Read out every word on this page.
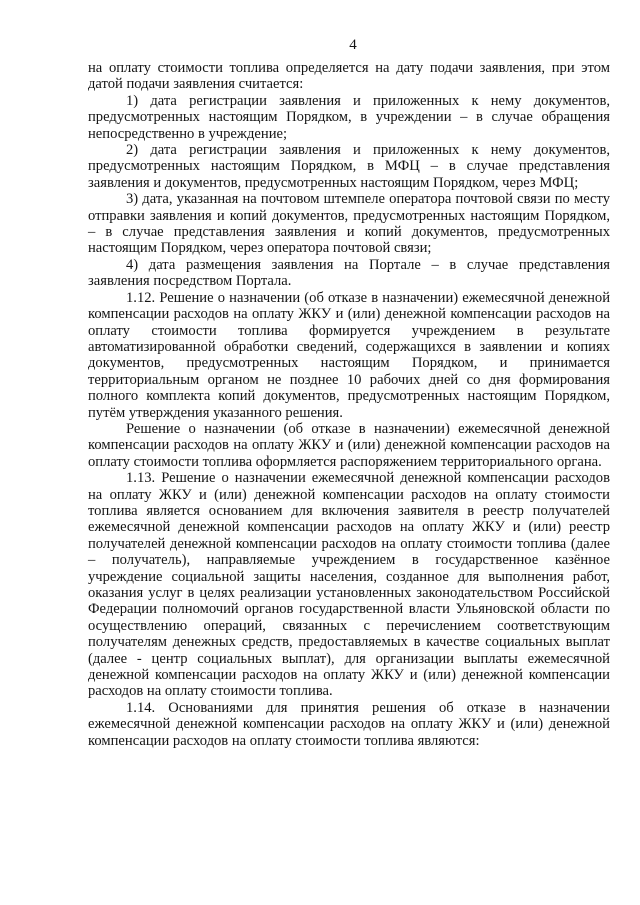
4

на оплату стоимости топлива определяется на дату подачи заявления, при этом датой подачи заявления считается:

1) дата регистрации заявления и приложенных к нему документов, предусмотренных настоящим Порядком, в учреждении – в случае обращения непосредственно в учреждение;

2) дата регистрации заявления и приложенных к нему документов, предусмотренных настоящим Порядком, в МФЦ – в случае представления заявления и документов, предусмотренных настоящим Порядком, через МФЦ;

3) дата, указанная на почтовом штемпеле оператора почтовой связи по месту отправки заявления и копий документов, предусмотренных настоящим Порядком, – в случае представления заявления и копий документов, предусмотренных настоящим Порядком, через оператора почтовой связи;

4) дата размещения заявления на Портале – в случае представления заявления посредством Портала.

1.12. Решение о назначении (об отказе в назначении) ежемесячной денежной компенсации расходов на оплату ЖКУ и (или) денежной компенсации расходов на оплату стоимости топлива формируется учреждением в результате автоматизированной обработки сведений, содержащихся в заявлении и копиях документов, предусмотренных настоящим Порядком, и принимается территориальным органом не позднее 10 рабочих дней со дня формирования полного комплекта копий документов, предусмотренных настоящим Порядком, путём утверждения указанного решения.

Решение о назначении (об отказе в назначении) ежемесячной денежной компенсации расходов на оплату ЖКУ и (или) денежной компенсации расходов на оплату стоимости топлива оформляется распоряжением территориального органа.

1.13. Решение о назначении ежемесячной денежной компенсации расходов на оплату ЖКУ и (или) денежной компенсации расходов на оплату стоимости топлива является основанием для включения заявителя в реестр получателей ежемесячной денежной компенсации расходов на оплату ЖКУ и (или) реестр получателей денежной компенсации расходов на оплату стоимости топлива (далее – получатель), направляемые учреждением в государственное казённое учреждение социальной защиты населения, созданное для выполнения работ, оказания услуг в целях реализации установленных законодательством Российской Федерации полномочий органов государственной власти Ульяновской области по осуществлению операций, связанных с перечислением соответствующим получателям денежных средств, предоставляемых в качестве социальных выплат (далее - центр социальных выплат), для организации выплаты ежемесячной денежной компенсации расходов на оплату ЖКУ и (или) денежной компенсации расходов на оплату стоимости топлива.

1.14. Основаниями для принятия решения об отказе в назначении ежемесячной денежной компенсации расходов на оплату ЖКУ и (или) денежной компенсации расходов на оплату стоимости топлива являются:
